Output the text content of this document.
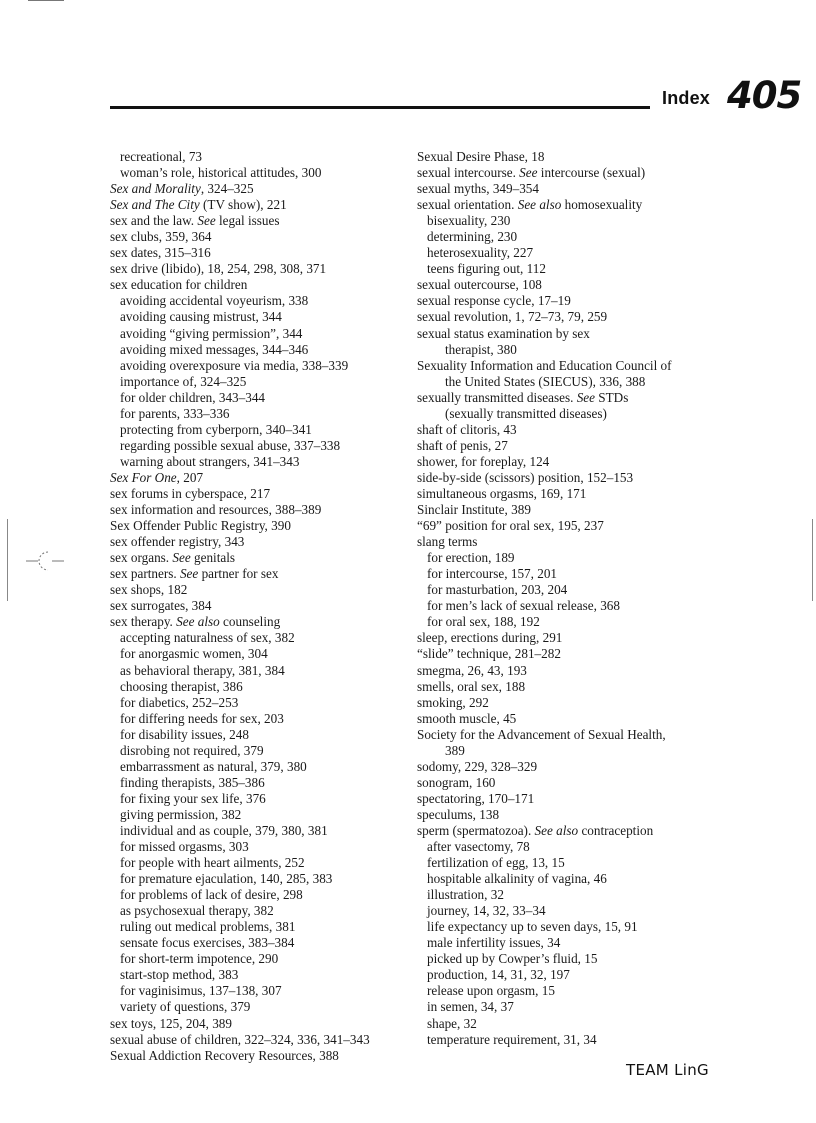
Index 405
recreational, 73
woman’s role, historical attitudes, 300
Sex and Morality, 324–325
Sex and The City (TV show), 221
sex and the law. See legal issues
sex clubs, 359, 364
sex dates, 315–316
sex drive (libido), 18, 254, 298, 308, 371
sex education for children
avoiding accidental voyeurism, 338
avoiding causing mistrust, 344
avoiding “giving permission”, 344
avoiding mixed messages, 344–346
avoiding overexposure via media, 338–339
importance of, 324–325
for older children, 343–344
for parents, 333–336
protecting from cyberporn, 340–341
regarding possible sexual abuse, 337–338
warning about strangers, 341–343
Sex For One, 207
sex forums in cyberspace, 217
sex information and resources, 388–389
Sex Offender Public Registry, 390
sex offender registry, 343
sex organs. See genitals
sex partners. See partner for sex
sex shops, 182
sex surrogates, 384
sex therapy. See also counseling
accepting naturalness of sex, 382
for anorgasmic women, 304
as behavioral therapy, 381, 384
choosing therapist, 386
for diabetics, 252–253
for differing needs for sex, 203
for disability issues, 248
disrobing not required, 379
embarrassment as natural, 379, 380
finding therapists, 385–386
for fixing your sex life, 376
giving permission, 382
individual and as couple, 379, 380, 381
for missed orgasms, 303
for people with heart ailments, 252
for premature ejaculation, 140, 285, 383
for problems of lack of desire, 298
as psychosexual therapy, 382
ruling out medical problems, 381
sensate focus exercises, 383–384
for short-term impotence, 290
start-stop method, 383
for vaginisimus, 137–138, 307
variety of questions, 379
sex toys, 125, 204, 389
sexual abuse of children, 322–324, 336, 341–343
Sexual Addiction Recovery Resources, 388
Sexual Desire Phase, 18
sexual intercourse. See intercourse (sexual)
sexual myths, 349–354
sexual orientation. See also homosexuality
bisexuality, 230
determining, 230
heterosexuality, 227
teens figuring out, 112
sexual outercourse, 108
sexual response cycle, 17–19
sexual revolution, 1, 72–73, 79, 259
sexual status examination by sex
therapist, 380
Sexuality Information and Education Council of
the United States (SIECUS), 336, 388
sexually transmitted diseases. See STDs
(sexually transmitted diseases)
shaft of clitoris, 43
shaft of penis, 27
shower, for foreplay, 124
side-by-side (scissors) position, 152–153
simultaneous orgasms, 169, 171
Sinclair Institute, 389
“69” position for oral sex, 195, 237
slang terms
for erection, 189
for intercourse, 157, 201
for masturbation, 203, 204
for men’s lack of sexual release, 368
for oral sex, 188, 192
sleep, erections during, 291
“slide” technique, 281–282
smegma, 26, 43, 193
smells, oral sex, 188
smoking, 292
smooth muscle, 45
Society for the Advancement of Sexual Health,
389
sodomy, 229, 328–329
sonogram, 160
spectatoring, 170–171
speculums, 138
sperm (spermatozoa). See also contraception
after vasectomy, 78
fertilization of egg, 13, 15
hospitable alkalinity of vagina, 46
illustration, 32
journey, 14, 32, 33–34
life expectancy up to seven days, 15, 91
male infertility issues, 34
picked up by Cowper’s fluid, 15
production, 14, 31, 32, 197
release upon orgasm, 15
in semen, 34, 37
shape, 32
temperature requirement, 31, 34
TEAM LinG
